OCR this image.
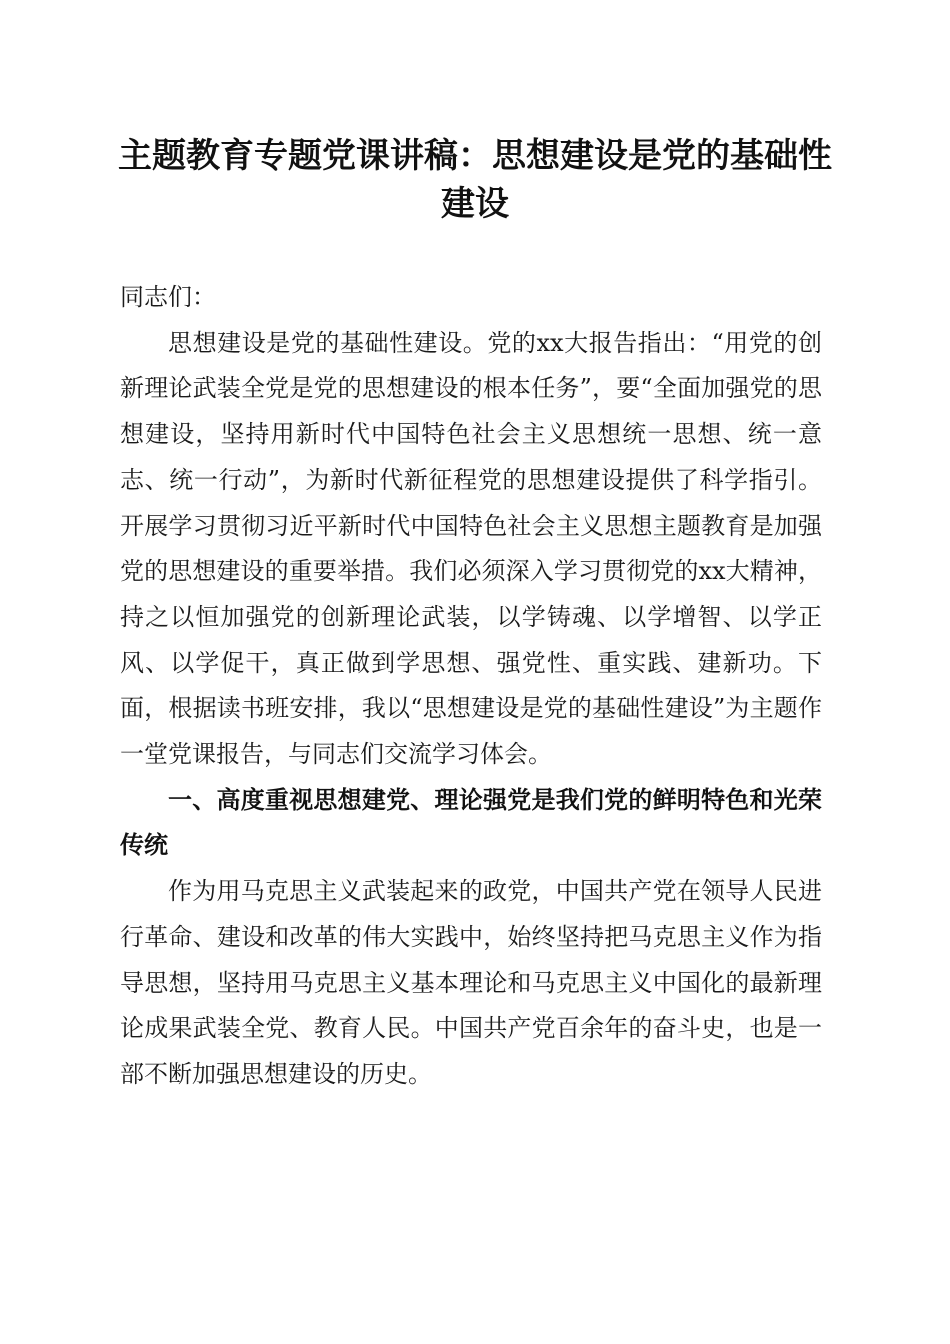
主题教育专题党课讲稿：思想建设是党的基础性建设

同志们：

思想建设是党的基础性建设。党的xx大报告指出：“用党的创新理论武装全党是党的思想建设的根本任务”，要“全面加强党的思想建设，坚持用新时代中国特色社会主义思想统一思想、统一意志、统一行动”，为新时代新征程党的思想建设提供了科学指引。开展学习贯彻习近平新时代中国特色社会主义思想主题教育是加强党的思想建设的重要举措。我们必须深入学习贯彻党的xx大精神，持之以恒加强党的创新理论武装，以学铸魂、以学增智、以学正风、以学促干，真正做到学思想、强党性、重实践、建新功。下面，根据读书班安排，我以“思想建设是党的基础性建设”为主题作一堂党课报告，与同志们交流学习体会。

一、高度重视思想建党、理论强党是我们党的鲜明特色和光荣传统

作为用马克思主义武装起来的政党，中国共产党在领导人民进行革命、建设和改革的伟大实践中，始终坚持把马克思主义作为指导思想，坚持用马克思主义基本理论和马克思主义中国化的最新理论成果武装全党、教育人民。中国共产党百余年的奋斗史，也是一部不断加强思想建设的历史。
